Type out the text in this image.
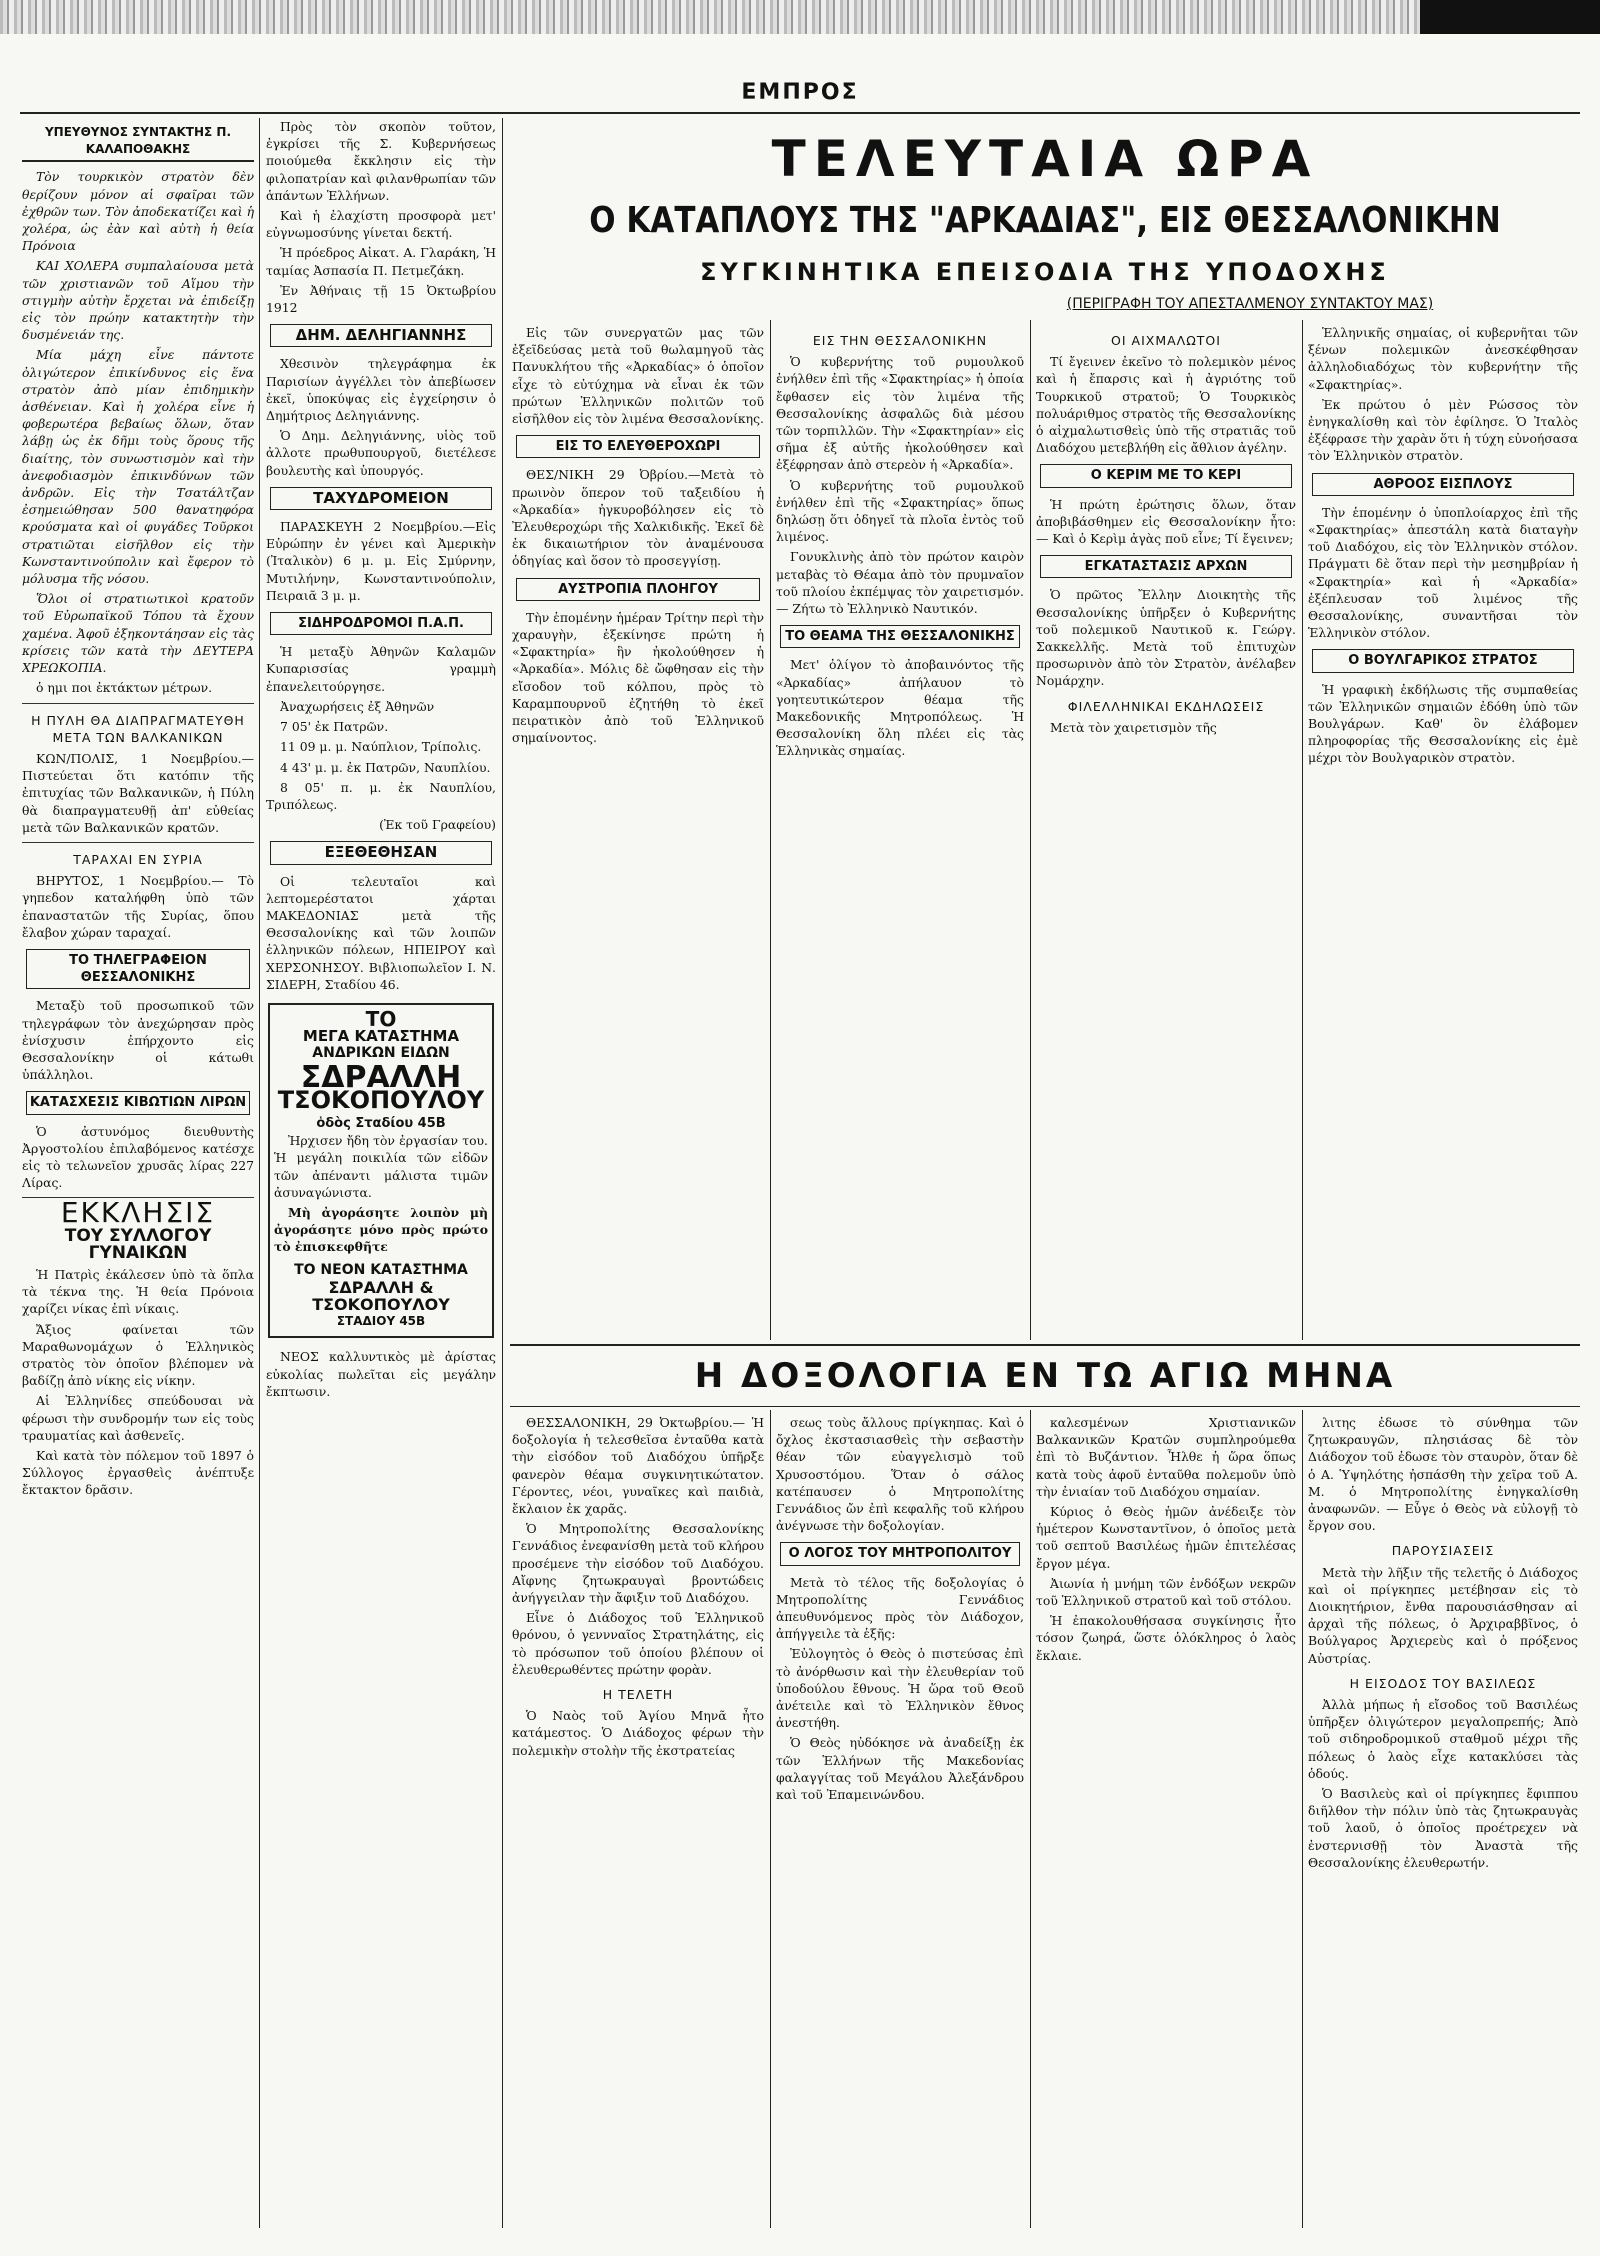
ΕΜΠΡΟΣ
ΥΠΕΥΘΥΝΟΣ ΣΥΝΤΑΚΤΗΣ Π. ΚΑΛΑΠΟΘΑΚΗΣ

Τὸν τουρκικὸν στρατὸν δὲν θερίζουν μόνον αἱ σφαῖραι τῶν ἐχθρῶν των. Τὸν ἀποδεκατίζει καὶ ἡ χολέρα, ὡς ἐὰν καὶ αὐτὴ ἡ θεία Πρόνοια

ΚΑΙ ΧΟΛΕΡΑ συμπαλαίουσα μετὰ τῶν χριστιανῶν τοῦ Αἵμου τὴν στιγμὴν αὐτὴν ἔρχεται νὰ ἐπιδείξῃ εἰς τὸν πρώην κατακτητὴν τὴν δυσμένειάν της.

Μία μάχη εἶνε πάντοτε ὀλιγώτερον ἐπικίνδυνος εἰς ἕνα στρατὸν ἀπὸ μίαν ἐπιδημικὴν ἀσθένειαν. Καὶ ἡ χολέρα εἶνε ἡ φοβερωτέρα βεβαίως ὅλων, ὅταν λάβῃ ὡς ἐκ δῆμι τοὺς ὅρους τῆς διαίτης, τὸν συνωστισμὸν καὶ τὴν ἀνεφοδιασμὸν ἐπικινδύνων τῶν ἀνδρῶν. Εἰς τὴν Τσατάλτζαν ἐσημειώθησαν 500 θανατηφόρα κρούσματα καὶ οἱ φυγάδες Τοῦρκοι στρατιῶται εἰσῆλθον εἰς τὴν Κωνσταντινούπολιν καὶ ἔφερον τὸ μόλυσμα τῆς νόσου.

Ὅλοι οἱ στρατιωτικοὶ κρατοῦν τοῦ Εὐρωπαϊκοῦ Τόπου τὰ ἔχουν χαμένα. Ἀφοῦ ἐξηκοντάησαν εἰς τὰς κρίσεις τῶν κατὰ τὴν ΔΕΥΤΕΡΑ ΧΡΕΩΚΟΠΙΑ.

ὁ ημι ποι ἐκτάκτων μέτρων.

Η ΠΥΛΗ ΘΑ ΔΙΑΠΡΑΓΜΑΤΕΥΘΗ ΜΕΤΑ ΤΩΝ ΒΑΛΚΑΝΙΚΩΝ

ΚΩΝ/ΠΟΛΙΣ, 1 Νοεμβρίου.— Πιστεύεται ὅτι κατόπιν τῆς ἐπιτυχίας τῶν Βαλκανικῶν, ἡ Πύλη θὰ διαπραγματευθῇ ἀπ' εὐθείας μετὰ τῶν Βαλκανικῶν κρατῶν.

ΤΑΡΑΧΑΙ ΕΝ ΣΥΡΙΑ

ΒΗΡΥΤΟΣ, 1 Νοεμβρίου.— Τὸ γηπεδον καταλήφθη ὑπὸ τῶν ἐπαναστατῶν τῆς Συρίας, ὅπου ἔλαβον χώραν ταραχαί.

ΤΟ ΤΗΛΕΓΡΑΦΕΙΟΝ ΘΕΣΣΑΛΟΝΙΚΗΣ

Μεταξὺ τοῦ προσωπικοῦ τῶν τηλεγράφων τὸν ἀνεχώρησαν πρὸς ἐνίσχυσιν ἐπήρχοντο εἰς Θεσσαλονίκην οἱ κάτωθι ὑπάλληλοι.

ΚΑΤΑΣΧΕΣΙΣ ΚΙΒΩΤΙΩΝ ΛΙΡΩΝ

Ὁ ἀστυνόμος διευθυντὴς Ἀργοστολίου ἐπιλαβόμενος κατέσχε εἰς τὸ τελωνεῖον χρυσᾶς λίρας 227 Λίρας.

ΕΚΚΛΗΣΙΣ
ΤΟΥ ΣΥΛΛΟΓΟΥ ΓΥΝΑΙΚΩΝ

Ἡ Πατρὶς ἐκάλεσεν ὑπὸ τὰ ὅπλα τὰ τέκνα της. Ἡ θεία Πρόνοια χαρίζει νίκας ἐπὶ νίκαις.

Ἄξιος φαίνεται τῶν Μαραθωνομάχων ὁ Ἑλληνικὸς στρατὸς τὸν ὁποῖον βλέπομεν νὰ βαδίζῃ ἀπὸ νίκης εἰς νίκην.

Αἱ Ἑλληνίδες σπεύδουσαι νὰ φέρωσι τὴν συνδρομήν των εἰς τοὺς τραυματίας καὶ ἀσθενεῖς.

Καὶ κατὰ τὸν πόλεμον τοῦ 1897 ὁ Σύλλογος ἐργασθεὶς ἀνέπτυξε ἔκτακτον δρᾶσιν.

Πρὸς τὸν σκοπὸν τοῦτον, ἐγκρίσει τῆς Σ. Κυβερνήσεως ποιούμεθα ἔκκλησιν εἰς τὴν φιλοπατρίαν καὶ φιλανθρωπίαν τῶν ἁπάντων Ἑλλήνων.

Καὶ ἡ ἐλαχίστη προσφορὰ μετ' εὐγνωμοσύνης γίνεται δεκτή.

Ἡ πρόεδρος Αἰκατ. Α. Γλαράκη, Ἡ ταμίας Ἀσπασία Π. Πετμεζάκη.

Ἐν Ἀθήναις τῇ 15 Ὀκτωβρίου 1912

ΔΗΜ. ΔΕΛΗΓΙΑΝΝΗΣ

Χθεσινὸν τηλεγράφημα ἐκ Παρισίων ἀγγέλλει τὸν ἀπεβίωσεν ἐκεῖ, ὑποκύψας εἰς ἐγχείρησιν ὁ Δημήτριος Δεληγιάννης.

Ὁ Δημ. Δεληγιάννης, υἱὸς τοῦ ἀλλοτε πρωθυπουργοῦ, διετέλεσε βουλευτὴς καὶ ὑπουργός.

ΤΑΧΥΔΡΟΜΕΙΟΝ

ΠΑΡΑΣΚΕΥΗ 2 Νοεμβρίου.—Εἰς Εὐρώπην ἐν γένει καὶ Ἀμερικὴν (Ἰταλικὸν) 6 μ. μ. Εἰς Σμύρνην, Μυτιλήνην, Κωνσταντινούπολιν, Πειραιᾶ 3 μ. μ.

ΣΙΔΗΡΟΔΡΟΜΟΙ Π.Α.Π.

Ἡ μεταξὺ Ἀθηνῶν Καλαμῶν Κυπαρισσίας γραμμὴ ἐπανελειτούργησε.

Ἀναχωρήσεις ἐξ Ἀθηνῶν

7 05' ἐκ Πατρῶν.

11 09 μ. μ. Ναύπλιον, Τρίπολις.

4 43' μ. μ. ἐκ Πατρῶν, Ναυπλίου.

8 05' π. μ. ἐκ Ναυπλίου, Τριπόλεως.

(Ἐκ τοῦ Γραφείου)

ΕΞΕΘΕΘΗΣΑΝ

Οἱ τελευταῖοι καὶ λεπτομερέστατοι χάρται ΜΑΚΕΔΟΝΙΑΣ μετὰ τῆς Θεσσαλονίκης καὶ τῶν λοιπῶν ἑλληνικῶν πόλεων, ΗΠΕΙΡΟΥ καὶ ΧΕΡΣΟΝΗΣΟΥ. Βιβλιοπωλεῖον Ι. Ν. ΣΙΔΕΡΗ, Σταδίου 46.

ΤΟ
ΜΕΓΑ ΚΑΤΑΣΤΗΜΑ
ΑΝΔΡΙΚΩΝ ΕΙΔΩΝ
ΣΔΡΑΛΛΗ
ΤΣΟΚΟΠΟΥΛΟΥ
ὁδὸς Σταδίου 45Β

Ἠρχισεν ἤδη τὸν ἐργασίαν του. Ἡ μεγάλη ποικιλία τῶν εἰδῶν τῶν ἀπέναντι μάλιστα τιμῶν ἀσυναγώνιστα.

Μὴ ἀγοράσητε λοιπὸν μὴ ἀγοράσητε μόνο πρὸς πρώτο τὸ ἐπισκεφθῆτε

ΤΟ ΝΕΟΝ ΚΑΤΑΣΤΗΜΑ
ΣΔΡΑΛΛΗ & ΤΣΟΚΟΠΟΥΛΟΥ
ΣΤΑΔΙΟΥ 45Β

ΝΕΟΣ καλλυντικὸς μὲ ἀρίστας εὐκολίας πωλεῖται εἰς μεγάλην ἔκπτωσιν.

ΤΕΛΕΥΤΑΙΑ ΩΡΑ
Ο ΚΑΤΑΠΛΟΥΣ ΤΗΣ "ΑΡΚΑΔΙΑΣ", ΕΙΣ ΘΕΣΣΑΛΟΝΙΚΗΝ
ΣΥΓΚΙΝΗΤΙΚΑ ΕΠΕΙΣΟΔΙΑ ΤΗΣ ΥΠΟΔΟΧΗΣ
(ΠΕΡΙΓΡΑΦΗ ΤΟΥ ΑΠΕΣΤΑΛΜΕΝΟΥ ΣΥΝΤΑΚΤΟΥ ΜΑΣ)

Εἰς τῶν συνεργατῶν μας τῶν ἐξεῖδεύσας μετὰ τοῦ θωλαμηγοῦ τὰς Πανυκλήτου τῆς «Ἀρκαδίας» ὁ ὁποῖον εἶχε τὸ εὐτύχημα νὰ εἶναι ἐκ τῶν πρώτων Ἑλληνικῶν πολιτῶν τοῦ εἰσῆλθον εἰς τὸν λιμένα Θεσσαλονίκης.

ΕΙΣ ΤΟ ΕΛΕΥΘΕΡΟΧΩΡΙ

ΘΕΣ/ΝΙΚΗ 29 Ὀβρίου.—Μετὰ τὸ πρωινὸν ὅπερον τοῦ ταξειδίου ἡ «Ἀρκαδία» ἠγκυροβόλησεν εἰς τὸ Ἐλευθεροχώρι τῆς Χαλκιδικῆς. Ἐκεῖ δὲ ἐκ δικαιωτήριον τὸν ἀναμένουσα ὁδηγίας καὶ ὅσον τὸ προσεγγίσῃ.

ΑΥΣΤΡΟΠΙΑ ΠΛΟΗΓΟΥ

Τὴν ἑπομένην ἡμέραν Τρίτην περὶ τὴν χαραυγὴν, ἐξεκίνησε πρώτη ἡ «Σφακτηρία» ἣν ἠκολούθησεν ἡ «Ἀρκαδία». Μόλις δὲ ὤφθησαν εἰς τὴν εἴσοδον τοῦ κόλπου, πρὸς τὸ Καραμπουρνοῦ ἐζητήθη τὸ ἐκεῖ πειρατικὸν ἀπὸ τοῦ Ἑλληνικοῦ σημαίνοντος.

ΕΙΣ ΤΗΝ ΘΕΣΣΑΛΟΝΙΚΗΝ

Ὁ κυβερνήτης τοῦ ρυμουλκοῦ ἐνήλθεν ἐπὶ τῆς «Σφακτηρίας» ἡ ὁποία ἔφθασεν εἰς τὸν λιμένα τῆς Θεσσαλονίκης ἀσφαλῶς διὰ μέσου τῶν τορπιλλῶν. Τὴν «Σφακτηρίαν» εἰς σῆμα ἐξ αὐτῆς ἠκολούθησεν καὶ ἐξέφρησαν ἀπὸ στερεὸν ἡ «Ἀρκαδία».

Ὁ κυβερνήτης τοῦ ρυμουλκοῦ ἐνήλθεν ἐπὶ τῆς «Σφακτηρίας» ὅπως δηλώσῃ ὅτι ὁδηγεῖ τὰ πλοῖα ἐντὸς τοῦ λιμένος.

Γονυκλινὴς ἀπὸ τὸν πρώτον καιρὸν μεταβὰς τὸ Θέαμα ἀπὸ τὸν πρυμναῖον τοῦ πλοίου ἐκπέμψας τὸν χαιρετισμόν. — Ζήτω τὸ Ἑλληνικὸ Ναυτικόν.

ΤΟ ΘΕΑΜΑ ΤΗΣ ΘΕΣΣΑΛΟΝΙΚΗΣ

Μετ' ὀλίγον τὸ ἀποβαινόντος τῆς «Ἀρκαδίας» ἀπήλαυον τὸ γοητευτικώτερον θέαμα τῆς Μακεδονικῆς Μητροπόλεως. Ἡ Θεσσαλονίκη ὅλη πλέει εἰς τὰς Ἑλληνικὰς σημαίας.

ΟΙ ΑΙΧΜΑΛΩΤΟΙ

Τί ἔγεινεν ἐκεῖνο τὸ πολεμικὸν μένος καὶ ἡ ἔπαρσις καὶ ἡ ἀγριότης τοῦ Τουρκικοῦ στρατοῦ; Ὁ Τουρκικὸς πολυάριθμος στρατὸς τῆς Θεσσαλονίκης ὁ αἰχμαλωτισθεὶς ὑπὸ τῆς στρατιᾶς τοῦ Διαδόχου μετεβλήθη εἰς ἄθλιον ἀγέλην.

Ο ΚΕΡΙΜ ΜΕ ΤΟ ΚΕΡΙ

Ἡ πρώτη ἐρώτησις ὅλων, ὅταν ἀποβιβάσθημεν εἰς Θεσσαλονίκην ἦτο: — Καὶ ὁ Κερὶμ ἀγὰς ποῦ εἶνε; Τί ἔγεινεν;

ΕΓΚΑΤΑΣΤΑΣΙΣ ΑΡΧΩΝ

Ὁ πρῶτος Ἔλλην Διοικητὴς τῆς Θεσσαλονίκης ὑπῆρξεν ὁ Κυβερνήτης τοῦ πολεμικοῦ Ναυτικοῦ κ. Γεώργ. Σακκελλῆς. Μετὰ τοῦ ἐπιτυχὼν προσωρινὸν ἀπὸ τὸν Στρατὸν, ἀνέλαβεν Νομάρχην.

ΦΙΛΕΛΛΗΝΙΚΑΙ ΕΚΔΗΛΩΣΕΙΣ

Μετὰ τὸν χαιρετισμὸν τῆς

Ἑλληνικῆς σημαίας, οἱ κυβερνῆται τῶν ξένων πολεμικῶν ἀνεσκέφθησαν ἀλληλοδιαδόχως τὸν κυβερνήτην τῆς «Σφακτηρίας».

Ἐκ πρώτου ὁ μὲν Ρώσσος τὸν ἐνηγκαλίσθη καὶ τὸν ἐφίλησε. Ὁ Ἰταλὸς ἐξέφρασε τὴν χαρὰν ὅτι ἡ τύχη εὐνοήσασα τὸν Ἑλληνικὸν στρατὸν.

ΑΘΡΟΟΣ ΕΙΣΠΛΟΥΣ

Τὴν ἑπομένην ὁ ὑποπλοίαρχος ἐπὶ τῆς «Σφακτηρίας» ἀπεστάλη κατὰ διαταγὴν τοῦ Διαδόχου, εἰς τὸν Ἑλληνικὸν στόλον. Πράγματι δὲ ὅταν περὶ τὴν μεσημβρίαν ἡ «Σφακτηρία» καὶ ἡ «Ἀρκαδία» ἐξέπλευσαν τοῦ λιμένος τῆς Θεσσαλονίκης, συναντῆσαι τὸν Ἑλληνικὸν στόλον.

Ο ΒΟΥΛΓΑΡΙΚΟΣ ΣΤΡΑΤΟΣ

Ἡ γραφικὴ ἐκδήλωσις τῆς συμπαθείας τῶν Ἑλληνικῶν σημαιῶν ἐδόθη ὑπὸ τῶν Βουλγάρων. Καθ' ὃν ἐλάβομεν πληροφορίας τῆς Θεσσαλονίκης εἰς ἐμὲ μέχρι τὸν Βουλγαρικὸν στρατὸν.

Η ΔΟΞΟΛΟΓΙΑ ΕΝ ΤΩ ΑΓΙΩ ΜΗΝΑ

ΘΕΣΣΑΛΟΝΙΚΗ, 29 Ὀκτωβρίου.— Ἡ δοξολογία ἡ τελεσθεῖσα ἐνταῦθα κατὰ τὴν εἰσόδον τοῦ Διαδόχου ὑπῆρξε φανερὸν θέαμα συγκινητικώτατον. Γέροντες, νέοι, γυναῖκες καὶ παιδιὰ, ἔκλαιον ἐκ χαρᾶς.

Ὁ Μητροπολίτης Θεσσαλονίκης Γεννάδιος ἐνεφανίσθη μετὰ τοῦ κλήρου προσέμενε τὴν εἰσόδον τοῦ Διαδόχου. Αἴφνης ζητωκραυγαὶ βροντώδεις ἀνήγγειλαν τὴν ἄφιξιν τοῦ Διαδόχου.

Εἶνε ὁ Διάδοχος τοῦ Ἑλληνικοῦ θρόνου, ὁ γεννναῖος Στρατηλάτης, εἰς τὸ πρόσωπον τοῦ ὁποίου βλέπουν οἱ ἐλευθερωθέντες πρώτην φορὰν.

Η ΤΕΛΕΤΗ

Ὁ Ναὸς τοῦ Ἁγίου Μηνᾶ ἦτο κατάμεστος. Ὁ Διάδοχος φέρων τὴν πολεμικὴν στολὴν τῆς ἐκστρατείας

σεως τοὺς ἄλλους πρίγκηπας. Καὶ ὁ ὄχλος ἐκστασιασθεὶς τὴν σεβαστὴν θέαν τῶν εὐαγγελισμὸ τοῦ Χρυσοστόμου. Ὅταν ὁ σάλος κατέπαυσεν ὁ Μητροπολίτης Γεννάδιος ὤν ἐπὶ κεφαλῆς τοῦ κλήρου ἀνέγνωσε τὴν δοξολογίαν.

Ο ΛΟΓΟΣ ΤΟΥ ΜΗΤΡΟΠΟΛΙΤΟΥ

Μετὰ τὸ τέλος τῆς δοξολογίας ὁ Μητροπολίτης Γεννάδιος ἀπευθυνόμενος πρὸς τὸν Διάδοχον, ἀπήγγειλε τὰ ἑξῆς:

Ἐὐλογητὸς ὁ Θεὸς ὁ πιστεύσας ἐπὶ τὸ ἀνόρθωσιν καὶ τὴν ἐλευθερίαν τοῦ ὑποδούλου ἔθνους. Ἡ ὥρα τοῦ Θεοῦ ἀνέτειλε καὶ τὸ Ἑλληνικὸν ἔθνος ἀνεστήθη.

Ὁ Θεὸς ηὐδόκησε νὰ ἀναδείξῃ ἐκ τῶν Ἑλλήνων τῆς Μακεδονίας φαλαγγίτας τοῦ Μεγάλου Ἀλεξάνδρου καὶ τοῦ Ἐπαμεινώνδου.

καλεσμένων Χριστιανικῶν Βαλκανικῶν Κρατῶν συμπληρούμεθα ἐπὶ τὸ Βυζάντιον. Ἦλθε ἡ ὥρα ὅπως κατὰ τοὺς ἀφοῦ ἐνταῦθα πολεμοῦν ὑπὸ τὴν ἐνιαίαν τοῦ Διαδόχου σημαίαν.

Κύριος ὁ Θεὸς ἡμῶν ἀνέδειξε τὸν ἡμέτερον Κωνσταντῖνον, ὁ ὁποῖος μετὰ τοῦ σεπτοῦ Βασιλέως ἡμῶν ἐπιτελέσας ἔργον μέγα.

Ἀιωνία ἡ μνήμη τῶν ἐνδόξων νεκρῶν τοῦ Ἑλληνικοῦ στρατοῦ καὶ τοῦ στόλου.

Ἡ ἐπακολουθήσασα συγκίνησις ἦτο τόσον ζωηρά, ὥστε ὁλόκληρος ὁ λαὸς ἔκλαιε.

λιτης ἐδωσε τὸ σύνθημα τῶν ζητωκραυγῶν, πλησιάσας δὲ τὸν Διάδοχον τοῦ ἐδωσε τὸν σταυρὸν, ὅταν δὲ ὁ Α. Ὑψηλότης ἠσπάσθη τὴν χεῖρα τοῦ Α. Μ. ὁ Μητροπολίτης ἐνηγκαλίσθη ἀναφωνῶν. — Εὖγε ὁ Θεὸς νὰ εὐλογῇ τὸ ἔργον σου.

ΠΑΡΟΥΣΙΑΣΕΙΣ

Μετὰ τὴν λῆξιν τῆς τελετῆς ὁ Διάδοχος καὶ οἱ πρίγκηπες μετέβησαν εἰς τὸ Διοικητήριον, ἔνθα παρουσιάσθησαν αἱ ἀρχαὶ τῆς πόλεως, ὁ Ἀρχιραββῖνος, ὁ Βούλγαρος Ἀρχιερεὺς καὶ ὁ πρόξενος Αὐστρίας.

Η ΕΙΣΟΔΟΣ ΤΟΥ ΒΑΣΙΛΕΩΣ

Ἀλλὰ μήπως ἡ εἴσοδος τοῦ Βασιλέως ὑπῆρξεν ὀλιγώτερον μεγαλοπρεπής; Ἀπὸ τοῦ σιδηροδρομικοῦ σταθμοῦ μέχρι τῆς πόλεως ὁ λαὸς εἶχε κατακλύσει τὰς ὁδούς.

Ὁ Βασιλεὺς καὶ οἱ πρίγκηπες ἔφιππου διῆλθον τὴν πόλιν ὑπὸ τὰς ζητωκραυγὰς τοῦ λαοῦ, ὁ ὁποῖος προέτρεχεν νὰ ἐνστερνισθῇ τὸν Ἀναστὰ τῆς Θεσσαλονίκης ἐλευθερωτήν.
